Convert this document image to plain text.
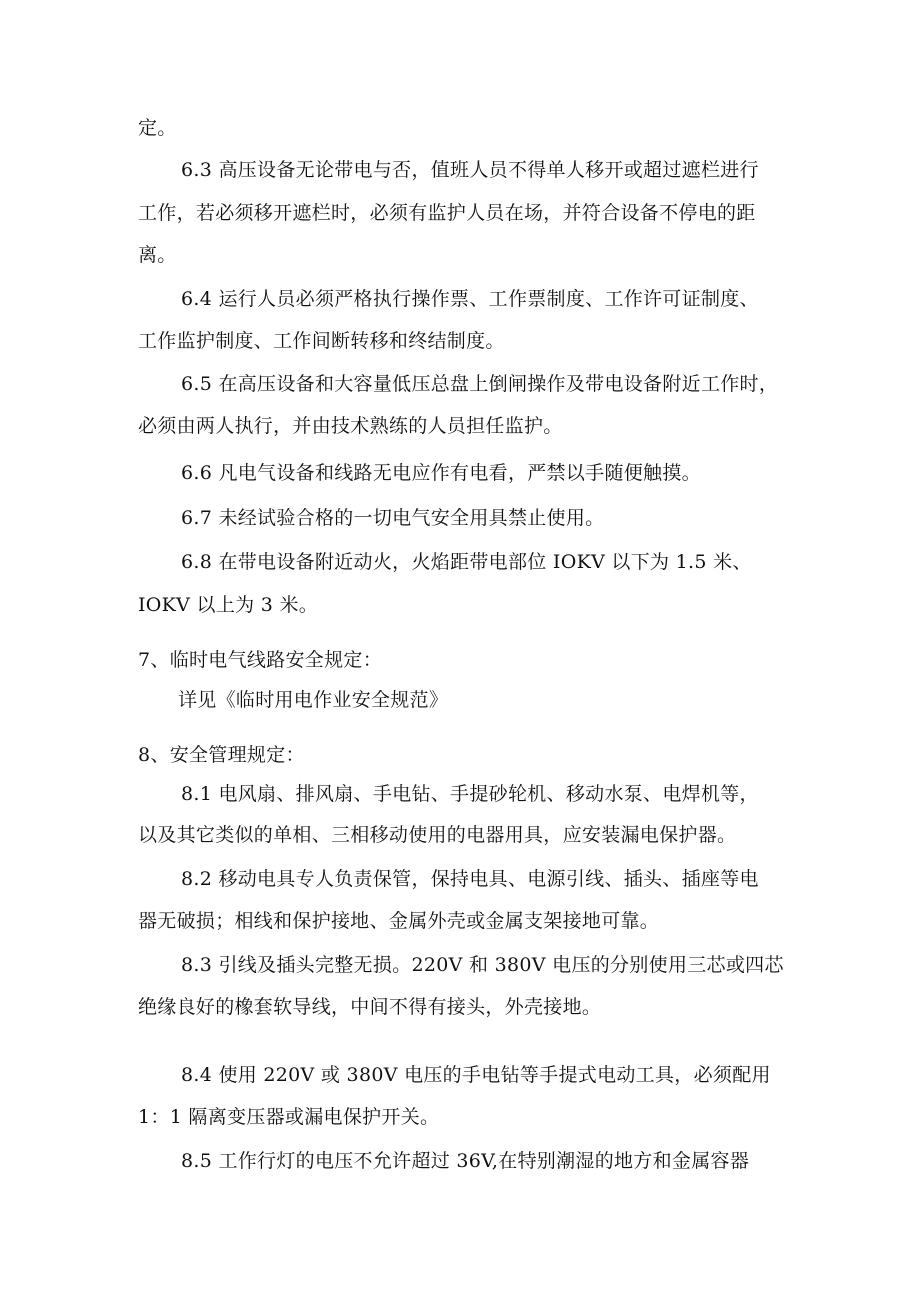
定。

6.3 高压设备无论带电与否，值班人员不得单人移开或超过遮栏进行

工作，若必须移开遮栏时，必须有监护人员在场，并符合设备不停电的距

离。

6.4 运行人员必须严格执行操作票、工作票制度、工作许可证制度、

工作监护制度、工作间断转移和终结制度。

6.5 在高压设备和大容量低压总盘上倒闸操作及带电设备附近工作时，

必须由两人执行，并由技术熟练的人员担任监护。

6.6 凡电气设备和线路无电应作有电看，严禁以手随便触摸。

6.7 未经试验合格的一切电气安全用具禁止使用。

6.8 在带电设备附近动火，火焰距带电部位 IOKV 以下为 1.5 米、

IOKV 以上为 3 米。

7、临时电气线路安全规定：

详见《临时用电作业安全规范》

8、安全管理规定：

8.1 电风扇、排风扇、手电钻、手提砂轮机、移动水泵、电焊机等，

以及其它类似的单相、三相移动使用的电器用具，应安装漏电保护器。

8.2 移动电具专人负责保管，保持电具、电源引线、插头、插座等电

器无破损；相线和保护接地、金属外壳或金属支架接地可靠。

8.3 引线及插头完整无损。220V 和 380V 电压的分别使用三芯或四芯

绝缘良好的橡套软导线，中间不得有接头，外壳接地。

8.4 使用 220V 或 380V 电压的手电钻等手提式电动工具，必须配用

1：1 隔离变压器或漏电保护开关。

8.5 工作行灯的电压不允许超过 36V,在特别潮湿的地方和金属容器
